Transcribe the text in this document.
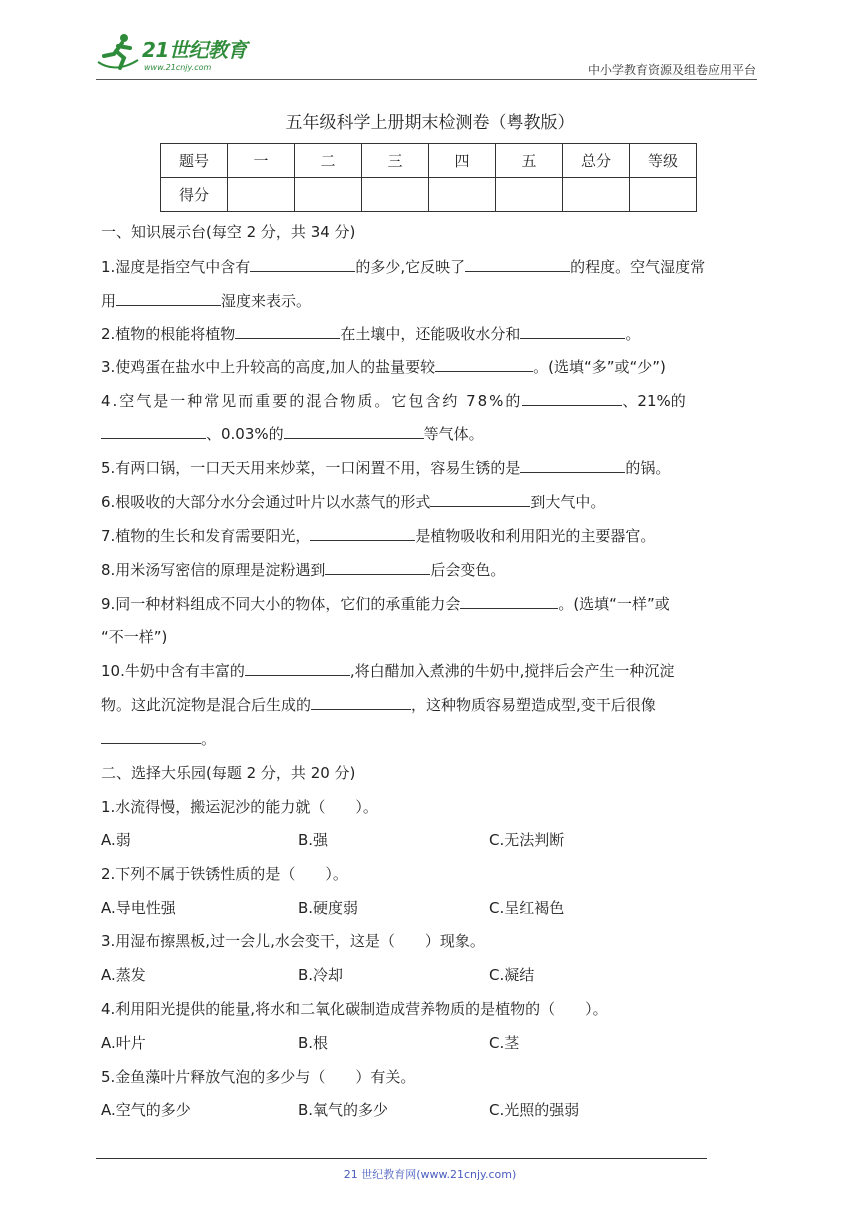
21世纪教育
www.21cnjy.com	中小学教育资源及组卷应用平台
五年级科学上册期末检测卷（粤教版）
题号	一	二	三	四	五	总分	等级
得分							
一、知识展示台(每空 2 分，共 34 分)
1.湿度是指空气中含有	的多少,它反映了	的程度。空气湿度常
用	湿度来表示。
2.植物的根能将植物	在土壤中，还能吸收水分和	。
3.使鸡蛋在盐水中上升较高的高度,加人的盐量要较	。(选填“多”或“少”)
4.空气是一种常见而重要的混合物质。它包含约 78%的	、21%的
、0.03%的	等气体。
5.有两口锅，一口天天用来炒菜，一口闲置不用，容易生锈的是	的锅。
6.根吸收的大部分水分会通过叶片以水蒸气的形式	到大气中。
7.植物的生长和发育需要阳光，	是植物吸收和利用阳光的主要器官。
8.用米汤写密信的原理是淀粉遇到	后会变色。
9.同一种材料组成不同大小的物体，它们的承重能力会	。(选填“一样”或
“不一样”)
10.牛奶中含有丰富的	,将白醋加入煮沸的牛奶中,搅拌后会产生一种沉淀
物。这此沉淀物是混合后生成的	，这种物质容易塑造成型,变干后很像
。
二、选择大乐园(每题 2 分，共 20 分)
1.水流得慢，搬运泥沙的能力就（　　）。
A.弱	B.强	C.无法判断
2.下列不属于铁锈性质的是（　　）。
A.导电性强	B.硬度弱	C.呈红褐色
3.用湿布擦黑板,过一会儿,水会变干，这是（　　）现象。
A.蒸发	B.冷却	C.凝结
4.利用阳光提供的能量,将水和二氧化碳制造成营养物质的是植物的（　　）。
A.叶片	B.根	C.茎
5.金鱼藻叶片释放气泡的多少与（　　）有关。
A.空气的多少	B.氧气的多少	C.光照的强弱
21 世纪教育网(www.21cnjy.com)
